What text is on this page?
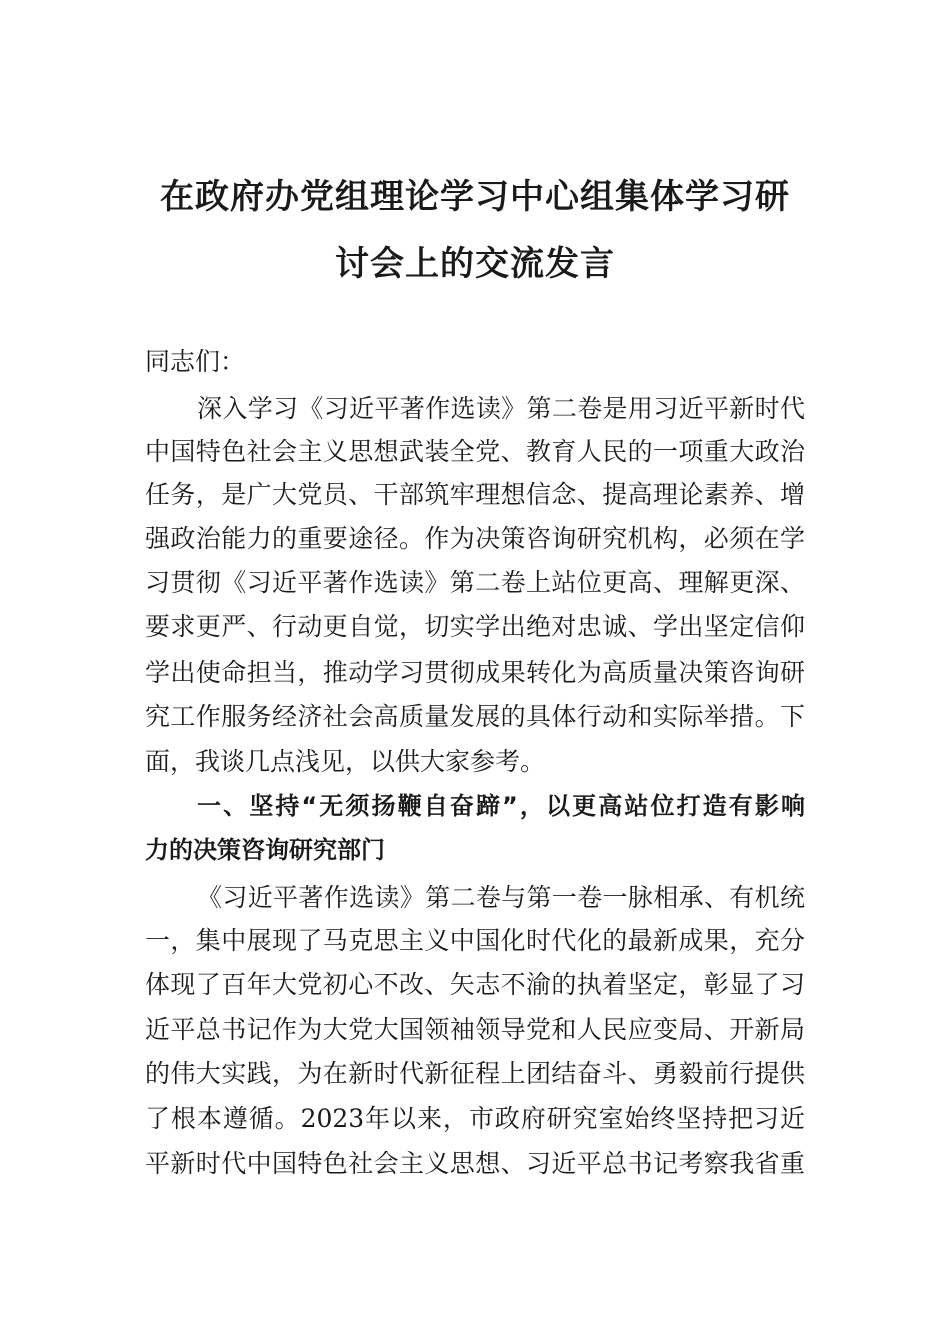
在政府办党组理论学习中心组集体学习研
讨会上的交流发言
同志们：
深入学习《习近平著作选读》第二卷是用习近平新时代
中国特色社会主义思想武装全党、教育人民的一项重大政治
任务，是广大党员、干部筑牢理想信念、提高理论素养、增
强政治能力的重要途径。作为决策咨询研究机构，必须在学
习贯彻《习近平著作选读》第二卷上站位更高、理解更深、
要求更严、行动更自觉，切实学出绝对忠诚、学出坚定信仰
学出使命担当，推动学习贯彻成果转化为高质量决策咨询研
究工作服务经济社会高质量发展的具体行动和实际举措。下
面，我谈几点浅见，以供大家参考。
一、坚持“无须扬鞭自奋蹄”，以更高站位打造有影响
力的决策咨询研究部门
《习近平著作选读》第二卷与第一卷一脉相承、有机统
一，集中展现了马克思主义中国化时代化的最新成果，充分
体现了百年大党初心不改、矢志不渝的执着坚定，彰显了习
近平总书记作为大党大国领袖领导党和人民应变局、开新局
的伟大实践，为在新时代新征程上团结奋斗、勇毅前行提供
了根本遵循。2023年以来，市政府研究室始终坚持把习近
平新时代中国特色社会主义思想、习近平总书记考察我省重
